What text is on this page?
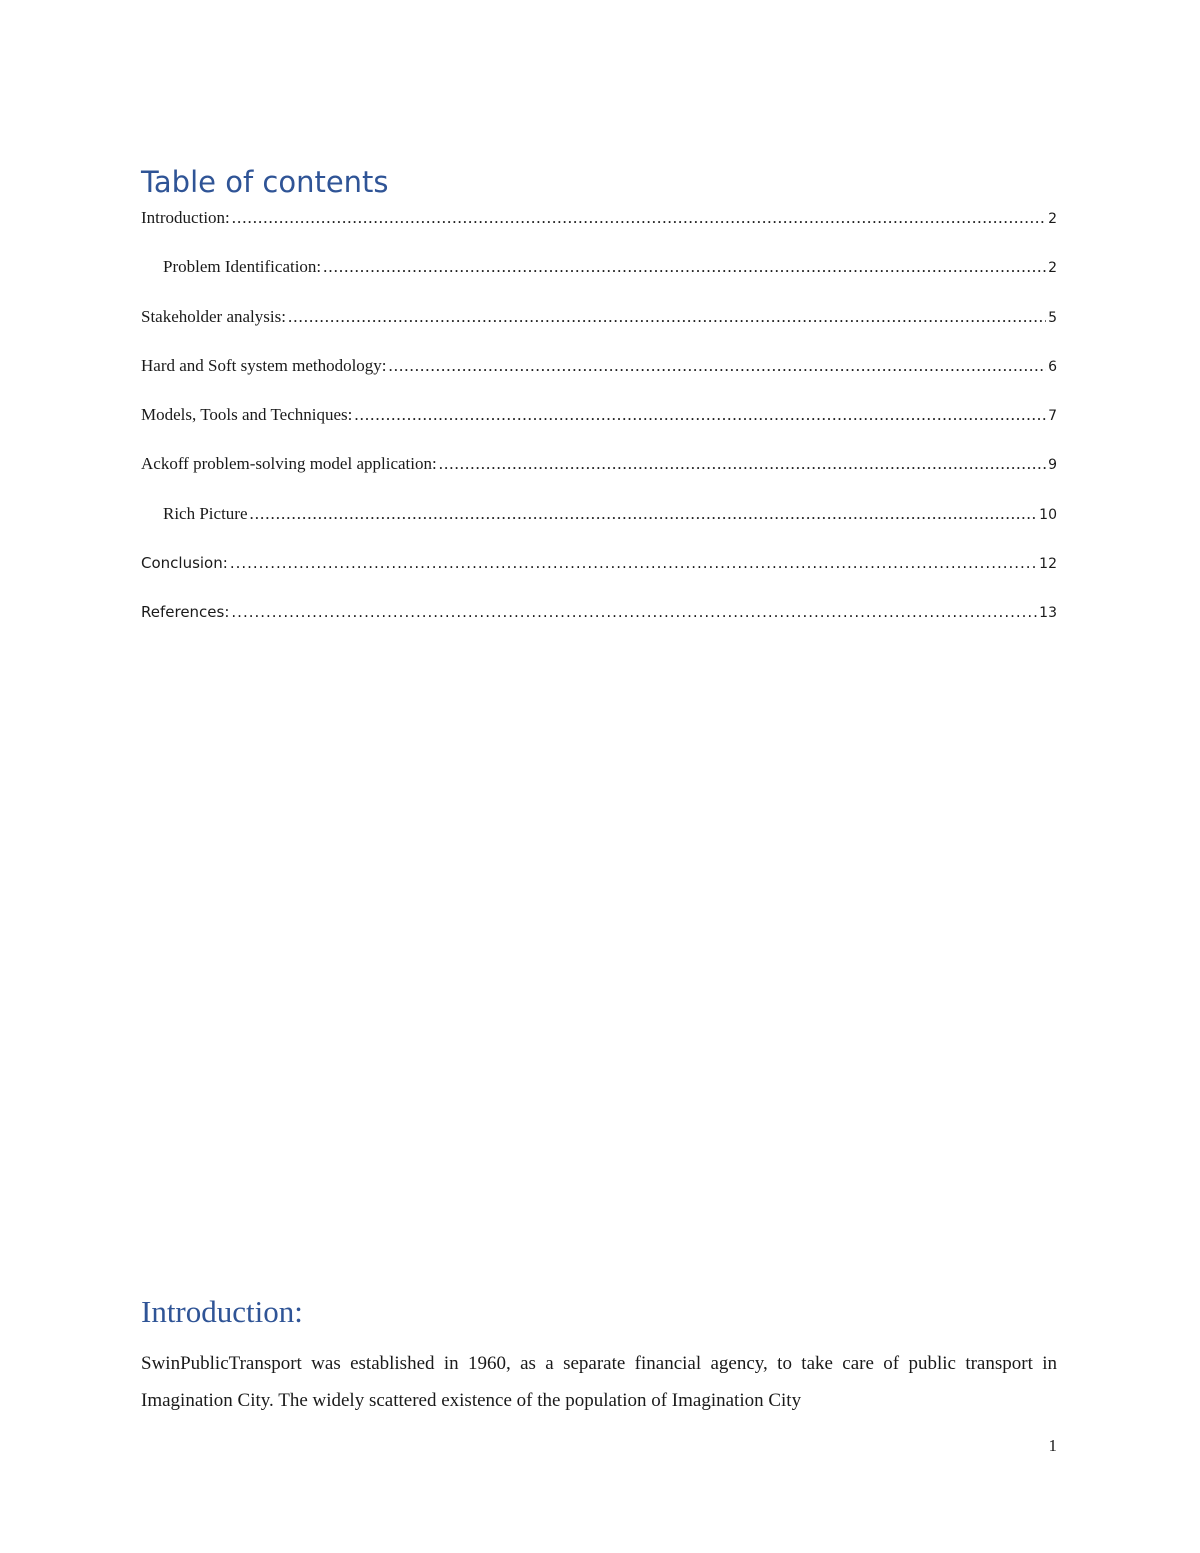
Table of contents
Introduction: .....	2
Problem Identification: .....	2
Stakeholder analysis: .....	5
Hard and Soft system methodology: .....	6
Models, Tools and Techniques: .....	7
Ackoff problem-solving model application: .....	9
Rich Picture .....	10
Conclusion: .....	12
References: .....	13
Introduction:

SwinPublicTransport was established in 1960, as a separate financial agency, to take care of public transport in Imagination City. The widely scattered existence of the population of Imagination City

1
